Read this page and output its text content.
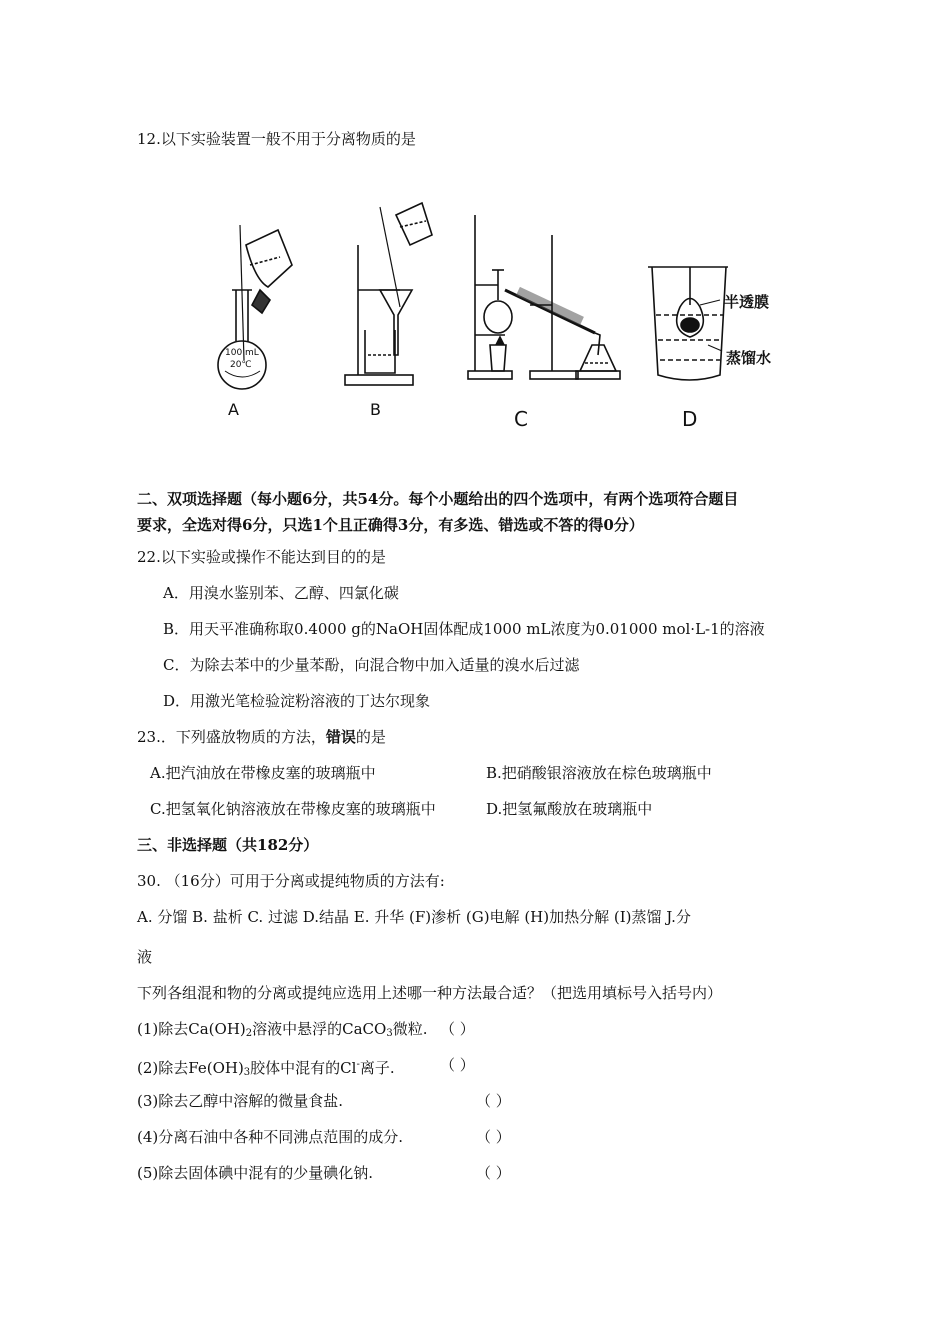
12.以下实验装置一般不用于分离物质的是
100 mL
20℃
半透膜
蒸馏水
A	B	C	D
二、双项选择题（每小题6分，共54分。每个小题给出的四个选项中，有两个选项符合题目
要求，全选对得6分，只选1个且正确得3分，有多选、错选或不答的得0分）
22.以下实验或操作不能达到目的的是
A．用溴水鉴别苯、乙醇、四氯化碳
B．用天平准确称取0.4000 g的NaOH固体配成1000 mL浓度为0.01000 mol·L-1的溶液
C．为除去苯中的少量苯酚，向混合物中加入适量的溴水后过滤
D．用激光笔检验淀粉溶液的丁达尔现象
23.．下列盛放物质的方法，错误的是
A.把汽油放在带橡皮塞的玻璃瓶中	B.把硝酸银溶液放在棕色玻璃瓶中
C.把氢氧化钠溶液放在带橡皮塞的玻璃瓶中	D.把氢氟酸放在玻璃瓶中
三、非选择题（共182分）
30. （16分）可用于分离或提纯物质的方法有:
A. 分馏 B. 盐析 C. 过滤 D.结晶 E. 升华 (F)渗析 (G)电解 (H)加热分解 (I)蒸馏 J.分
液
下列各组混和物的分离或提纯应选用上述哪一种方法最合适？（把选用填标号入括号内）
(1)除去$Ca(OH)_2$溶液中悬浮的CaCO$_3$微粒. （ ）
(2)除去$Fe(OH)_3$胶体中混有的Cl-离子.	（ ）
(3)除去乙醇中溶解的微量食盐.	（ ）
(4)分离石油中各种不同沸点范围的成分.	（ ）
(5)除去固体碘中混有的少量碘化钠.	（ ）
